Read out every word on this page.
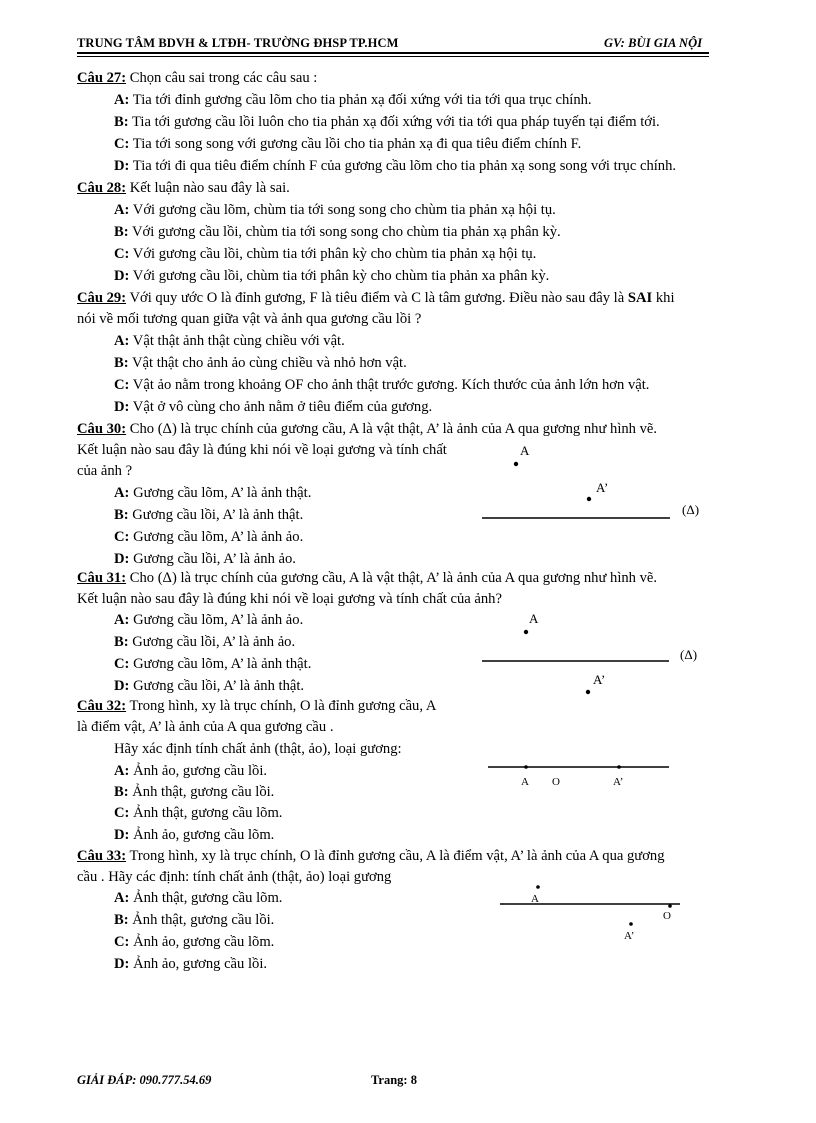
TRUNG TÂM BDVH & LTĐH- TRƯỜNG ĐHSP TP.HCM	GV: BÙI GIA NỘI
Câu 27: Chọn câu sai trong các câu sau :
A: Tia tới đỉnh gương cầu lõm cho tia phản xạ đối xứng với tia tới qua trục chính.
B: Tia tới gương cầu lồi luôn cho tia phản xạ đối xứng với tia tới qua pháp tuyến tại điểm tới.
C: Tia tới song song với gương cầu lồi cho tia phản xạ đi qua tiêu điểm chính F.
D: Tia tới đi qua tiêu điểm chính F của gương cầu lõm cho tia phản xạ song song với trục chính.
Câu 28: Kết luận nào sau đây là sai.
A: Với gương cầu lõm, chùm tia tới song song cho chùm tia phản xạ hội tụ.
B: Với gương cầu lồi, chùm tia tới song song cho chùm tia phản xạ phân kỳ.
C: Với gương cầu lồi, chùm tia tới phân kỳ cho chùm tia phản xạ hội tụ.
D: Với gương cầu lồi, chùm tia tới phân kỳ cho chùm tia phản xa phân kỳ.
Câu 29: Với quy ước O là đỉnh gương, F là tiêu điểm và C là tâm gương. Điều nào sau đây là SAI khi
nói về mối tương quan giữa vật và ảnh qua gương cầu lồi ?
A: Vật thật ảnh thật cùng chiều với vật.
B: Vật thật cho ảnh ảo cùng chiều và nhỏ hơn vật.
C: Vật ảo nằm trong khoảng OF cho ảnh thật trước gương. Kích thước của ảnh lớn hơn vật.
D: Vật ở vô cùng cho ảnh nằm ở tiêu điểm của gương.
Câu 30: Cho (Δ) là trục chính của gương cầu, A là vật thật, A’ là ảnh của A qua gương như hình vẽ.
Kết luận nào sau đây là đúng khi nói về loại gương và tính chất
của ảnh ?
A: Gương cầu lõm, A’ là ảnh thật.
B: Gương cầu lồi, A’ là ảnh thật.
C: Gương cầu lõm, A’ là ảnh ảo.
D: Gương cầu lồi, A’ là ảnh ảo.
A
A’
(Δ)
Câu 31: Cho (Δ) là trục chính của gương cầu, A là vật thật, A’ là ảnh của A qua gương như hình vẽ.
Kết luận nào sau đây là đúng khi nói về loại gương và tính chất của ảnh?
A: Gương cầu lõm, A’ là ảnh ảo.
B: Gương cầu lồi, A’ là ảnh ảo.
C: Gương cầu lõm, A’ là ảnh thật.
D: Gương cầu lồi, A’ là ảnh thật.
A
(Δ)
A’
Câu 32: Trong hình, xy là trục chính, O là đỉnh gương cầu, A
là điểm vật, A’ là ảnh của A qua gương cầu .
Hãy xác định tính chất ảnh (thật, ảo), loại gương:
A: Ảnh ảo, gương cầu lồi.
B: Ảnh thật, gương cầu lồi.
C: Ảnh thật, gương cầu lõm.
D: Ảnh ảo, gương cầu lõm.
A O	A’
Câu 33: Trong hình, xy là trục chính, O là đỉnh gương cầu, A là điểm vật, A’ là ảnh của A qua gương
cầu . Hãy các định: tính chất ảnh (thật, ảo) loại gương
A: Ảnh thật, gương cầu lõm.
B: Ảnh thật, gương cầu lồi.
C: Ảnh ảo, gương cầu lõm.
D: Ảnh ảo, gương cầu lồi.
A
O
A’
GIẢI ĐÁP: 090.777.54.69	Trang: 8
